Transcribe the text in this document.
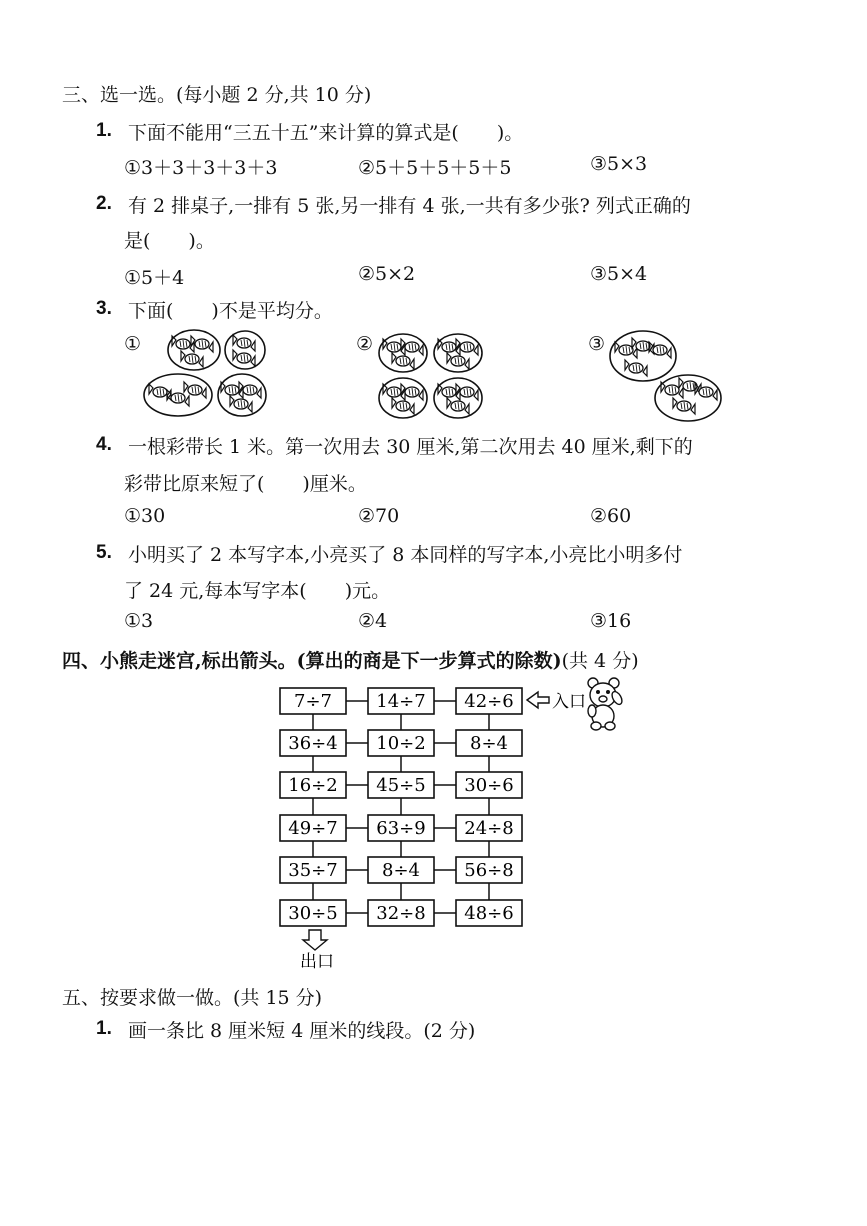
三、选一选。(每小题 2 分,共 10 分)
1. 下面不能用“三五十五”来计算的算式是(　　)。
①3＋3＋3＋3＋3	②5＋5＋5＋5＋5	③5×3
2. 有 2 排桌子,一排有 5 张,另一排有 4 张,一共有多少张? 列式正确的
是(　　)。
①5＋4	②5×2	③5×4
3. 下面(　　)不是平均分。
①	②	③
4. 一根彩带长 1 米。第一次用去 30 厘米,第二次用去 40 厘米,剩下的
彩带比原来短了(　　)厘米。
①30	②70	②60
5. 小明买了 2 本写字本,小亮买了 8 本同样的写字本,小亮比小明多付
了 24 元,每本写字本(　　)元。
①3	②4	③16
四、小熊走迷宫,标出箭头。(算出的商是下一步算式的除数)(共 4 分)
7÷7 14÷7 42÷6
36÷4 10÷2 8÷4
16÷2 45÷5 30÷6
49÷7 63÷9 24÷8
35÷7 8÷4 56÷8
30÷5 32÷8 48÷6
入口
出口
五、按要求做一做。(共 15 分)
1. 画一条比 8 厘米短 4 厘米的线段。(2 分)
